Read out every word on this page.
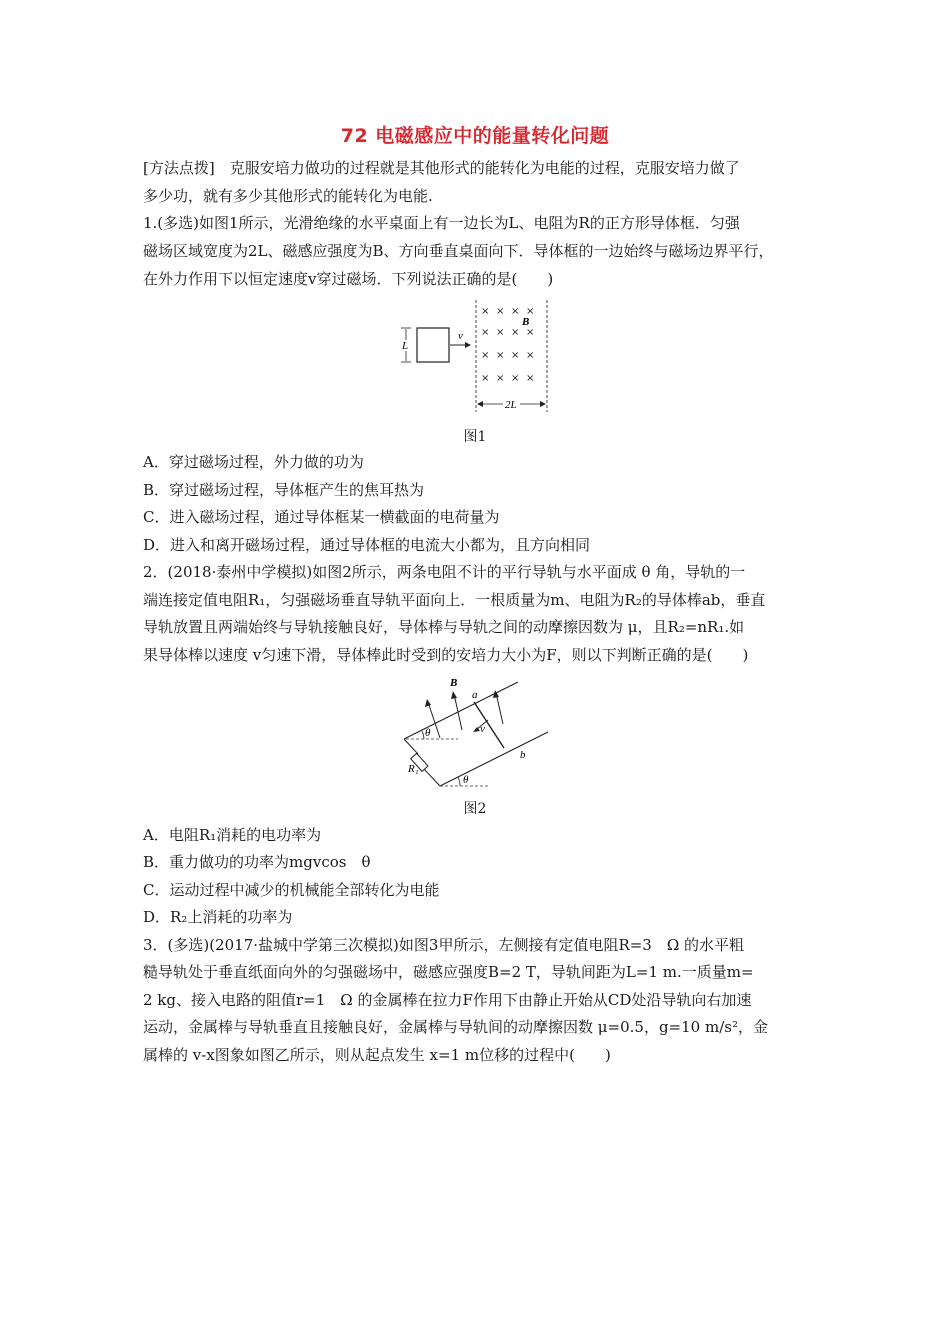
72 电磁感应中的能量转化问题
[方法点拨]　克服安培力做功的过程就是其他形式的能转化为电能的过程，克服安培力做了
多少功，就有多少其他形式的能转化为电能.
1.(多选)如图1所示，光滑绝缘的水平桌面上有一边长为L、电阻为R的正方形导体框．匀强
磁场区域宽度为2L、磁感应强度为B、方向垂直桌面向下．导体框的一边始终与磁场边界平行，
在外力作用下以恒定速度v穿过磁场．下列说法正确的是(　　)
L
v
× × × ×
× × × ×
× × × ×
× × × ×
B
2L
图1
A．穿过磁场过程，外力做的功为
B．穿过磁场过程，导体框产生的焦耳热为
C．进入磁场过程，通过导体框某一横截面的电荷量为
D．进入和离开磁场过程，通过导体框的电流大小都为，且方向相同
2．(2018·泰州中学模拟)如图2所示，两条电阻不计的平行导轨与水平面成 θ 角，导轨的一
端连接定值电阻R₁，匀强磁场垂直导轨平面向上．一根质量为m、电阻为R₂的导体棒ab，垂直
导轨放置且两端始终与导轨接触良好，导体棒与导轨之间的动摩擦因数为 μ，且R₂=nR₁.如
果导体棒以速度 v匀速下滑，导体棒此时受到的安培力大小为F，则以下判断正确的是(　　)
R₁
a
b
B
v
θ
θ
图2
A．电阻R₁消耗的电功率为
B．重力做功的功率为mgvcos　θ
C．运动过程中减少的机械能全部转化为电能
D．R₂上消耗的功率为
3．(多选)(2017·盐城中学第三次模拟)如图3甲所示，左侧接有定值电阻R=3　Ω 的水平粗
糙导轨处于垂直纸面向外的匀强磁场中，磁感应强度B=2 T，导轨间距为L=1 m.一质量m=
2 kg、接入电路的阻值r=1　Ω 的金属棒在拉力F作用下由静止开始从CD处沿导轨向右加速
运动，金属棒与导轨垂直且接触良好，金属棒与导轨间的动摩擦因数 μ=0.5，g=10 m/s²，金
属棒的 v-x图象如图乙所示，则从起点发生 x=1 m位移的过程中(　　)
